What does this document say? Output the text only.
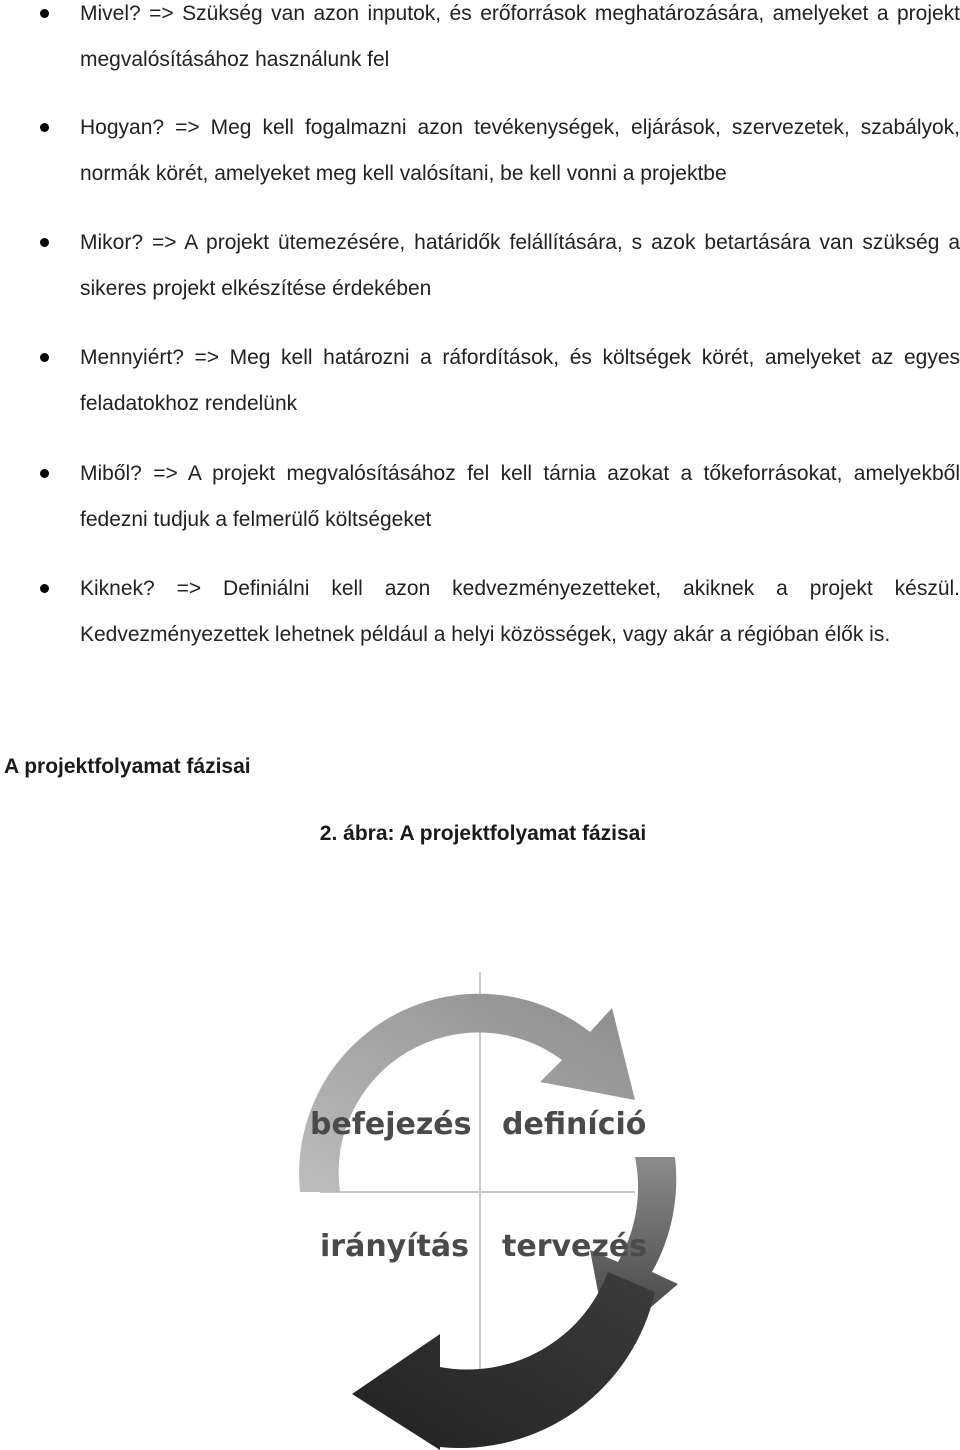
Mivel? => Szükség van azon inputok, és erőforrások meghatározására, amelyeket a projekt megvalósításához használunk fel
Hogyan? => Meg kell fogalmazni azon tevékenységek, eljárások, szervezetek, szabályok, normák körét, amelyeket meg kell valósítani, be kell vonni a projektbe
Mikor? => A projekt ütemezésére, határidők felállítására, s azok betartására van szükség a sikeres projekt elkészítése érdekében
Mennyiért? => Meg kell határozni a ráfordítások, és költségek körét, amelyeket az egyes feladatokhoz rendelünk
Miből? => A projekt megvalósításához fel kell tárnia azokat a tőkeforrásokat, amelyekből fedezni tudjuk a felmerülő költségeket
Kiknek? => Definiálni kell azon kedvezményezetteket, akiknek a projekt készül. Kedvezményezettek lehetnek például a helyi közösségek, vagy akár a régióban élők is.
A projektfolyamat fázisai

2. ábra: A projektfolyamat fázisai

befejezés definíció
irányítás tervezés
